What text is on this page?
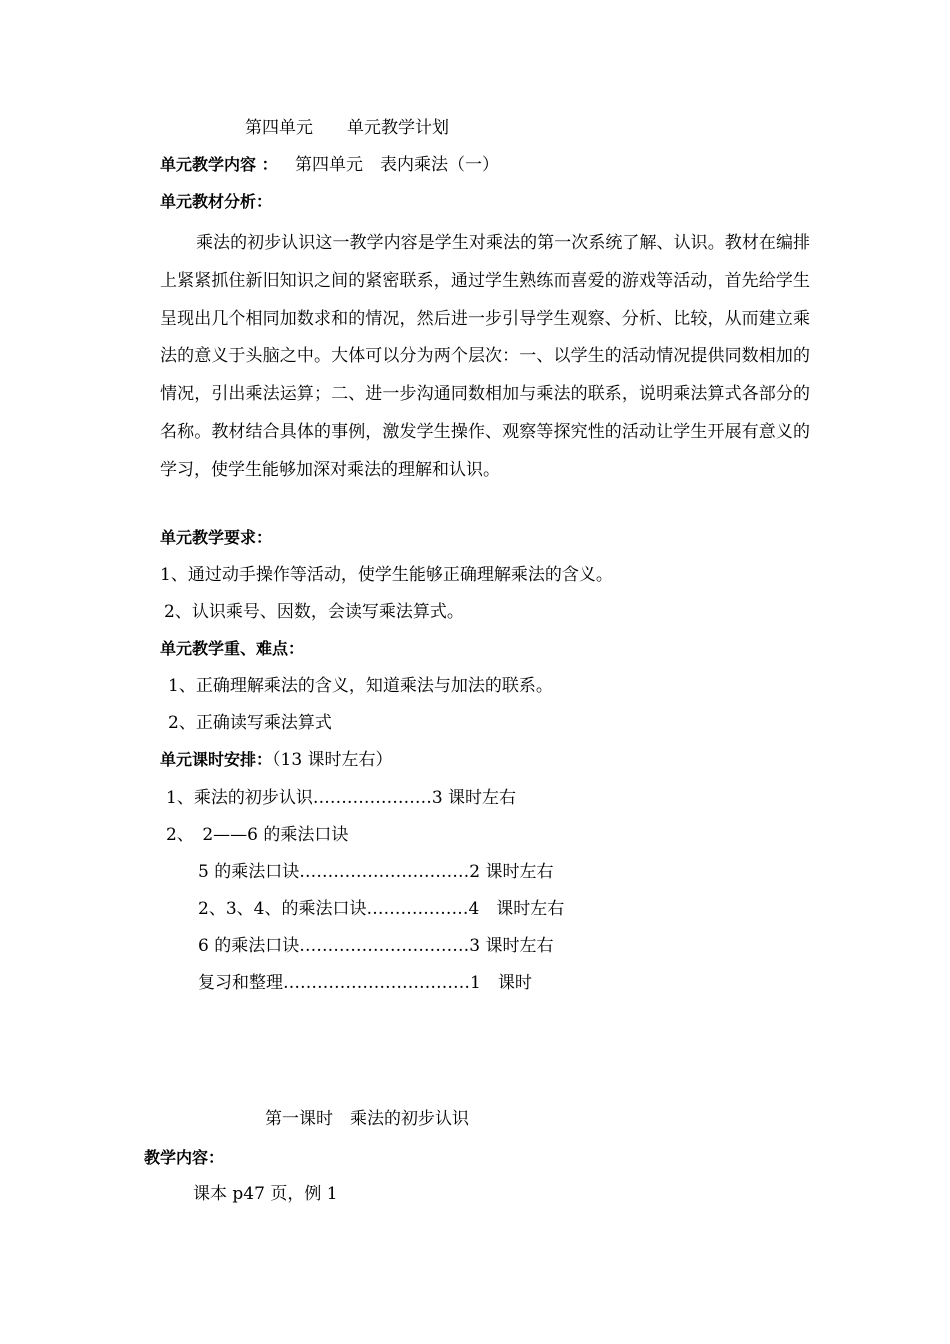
第四单元　　单元教学计划
单元教学内容 ： 第四单元　表内乘法（一）
单元教材分析：
乘法的初步认识这一教学内容是学生对乘法的第一次系统了解、认识。教材在编排上紧紧抓住新旧知识之间的紧密联系，通过学生熟练而喜爱的游戏等活动，首先给学生呈现出几个相同加数求和的情况，然后进一步引导学生观察、分析、比较，从而建立乘法的意义于头脑之中。大体可以分为两个层次：一、以学生的活动情况提供同数相加的情况，引出乘法运算；二、进一步沟通同数相加与乘法的联系，说明乘法算式各部分的名称。教材结合具体的事例，激发学生操作、观察等探究性的活动让学生开展有意义的学习，使学生能够加深对乘法的理解和认识。
单元教学要求：
1、通过动手操作等活动，使学生能够正确理解乘法的含义。
2、认识乘号、因数，会读写乘法算式。
单元教学重、难点：
1、正确理解乘法的含义，知道乘法与加法的联系。
2、正确读写乘法算式
单元课时安排：（13 课时左右）
1、乘法的初步认识…………………3 课时左右
2、　2——6 的乘法口诀
5 的乘法口诀…………………………2 课时左右
2、3、4、的乘法口诀………………4　课时左右
6 的乘法口诀…………………………3 课时左右
复习和整理……………………………1　课时
第一课时　乘法的初步认识
教学内容：
课本 p47 页，例 1
